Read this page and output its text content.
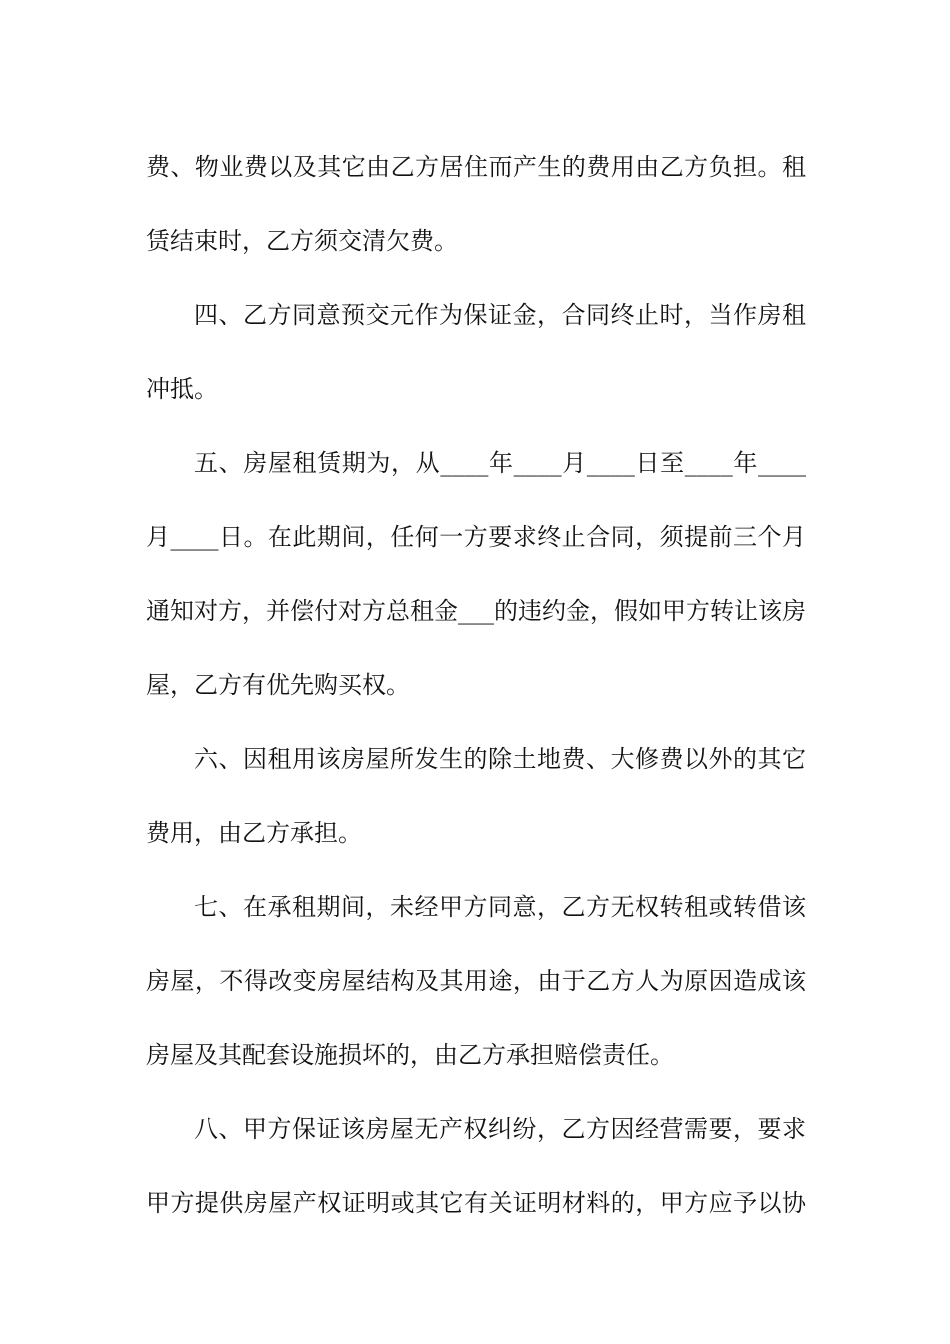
费、物业费以及其它由乙方居住而产生的费用由乙方负担。租
赁结束时，乙方须交清欠费。
四、乙方同意预交元作为保证金，合同终止时，当作房租
冲抵。
五、房屋租赁期为，从____年____月____日至____年____
月____日。在此期间，任何一方要求终止合同，须提前三个月
通知对方，并偿付对方总租金___的违约金，假如甲方转让该房
屋，乙方有优先购买权。
六、因租用该房屋所发生的除土地费、大修费以外的其它
费用，由乙方承担。
七、在承租期间，未经甲方同意，乙方无权转租或转借该
房屋，不得改变房屋结构及其用途，由于乙方人为原因造成该
房屋及其配套设施损坏的，由乙方承担赔偿责任。
八、甲方保证该房屋无产权纠纷，乙方因经营需要，要求
甲方提供房屋产权证明或其它有关证明材料的，甲方应予以协
